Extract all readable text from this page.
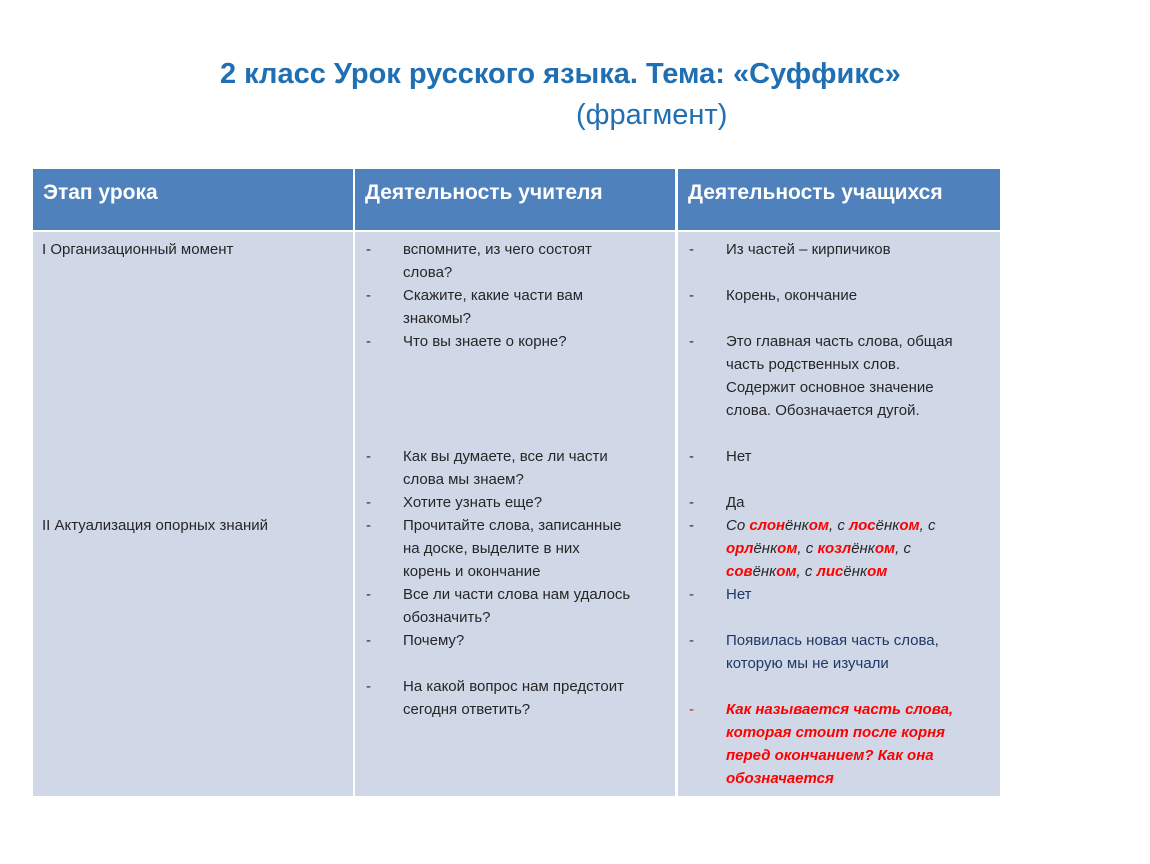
2 класс Урок русского языка. Тема: «Суффикс»
(фрагмент)
Этап урока	Деятельность учителя	Деятельность учащихся
I Организационный момент
II Актуализация опорных знаний
- вспомните, из чего состоят
слова?
- Скажите, какие части вам
знакомы?
- Что вы знаете о корне?
- Как вы думаете, все ли части
слова мы знаем?
- Хотите узнать еще?
- Прочитайте слова, записанные
на доске, выделите в них
корень и окончание
- Все ли части слова нам удалось
обозначить?
- Почему?
- На какой вопрос нам предстоит
сегодня ответить?
- Из частей – кирпичиков
- Корень, окончание
- Это главная часть слова, общая
часть родственных слов.
Содержит основное значение
слова. Обозначается дугой.
- Нет
- Да
- Со слонёнком, с лосёнком, с
орлёнком, с козлёнком, с
совёнком, с лисёнком
- Нет
- Появилась новая часть слова,
которую мы не изучали
- Как называется часть слова,
которая стоит после корня
перед окончанием? Как она
обозначается
